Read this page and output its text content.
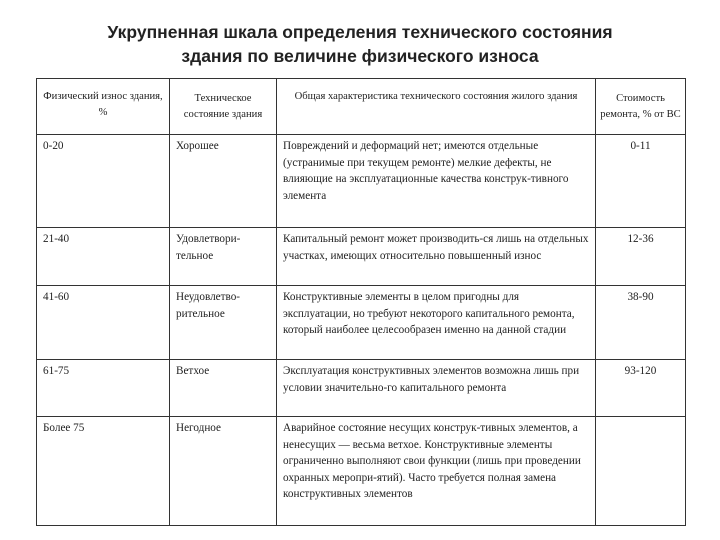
Укрупненная шкала определения технического состояния
здания по величине физического износа
Физический износ здания, %	Техническое состояние здания	Общая характеристика технического состояния жилого здания	Стоимость ремонта, % от ВС
0-20	Хорошее	Повреждений и деформаций нет; имеются отдельные (устранимые при текущем ремонте) мелкие дефекты, не влияющие на эксплуатационные качества конструк-тивного элемента	0-11
21-40	Удовлетвори-тельное	Капитальный ремонт может производить-ся лишь на отдельных участках, имеющих относительно повышенный износ	12-36
41-60	Неудовлетво-рительное	Конструктивные элементы в целом пригодны для эксплуатации, но требуют некоторого капитального ремонта, который наиболее целесообразен именно на данной стадии	38-90
61-75	Ветхое	Эксплуатация конструктивных элементов возможна лишь при условии значительно-го капитального ремонта	93-120
Более 75	Негодное	Аварийное состояние несущих конструк-тивных элементов, а ненесущих — весьма ветхое. Конструктивные элементы ограниченно выполняют свои функции (лишь при проведении охранных меропри-ятий). Часто требуется полная замена конструктивных элементов	
